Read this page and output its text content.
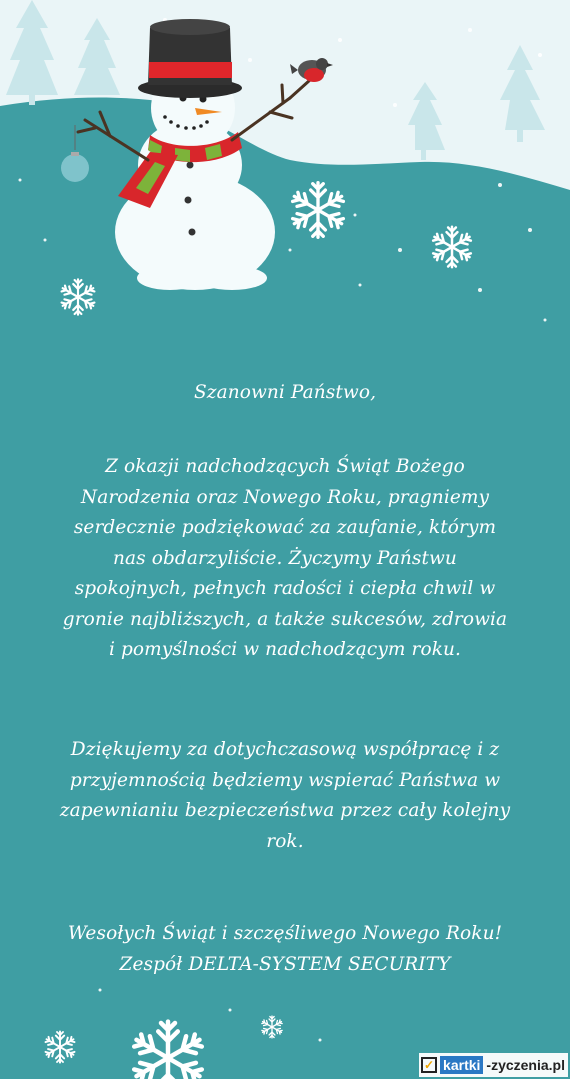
Szanowni Państwo,

Z okazji nadchodzących Świąt Bożego

Narodzenia oraz Nowego Roku, pragniemy

serdecznie podziękować za zaufanie, którym

nas obdarzyliście. Życzymy Państwu

spokojnych, pełnych radości i ciepła chwil w

gronie najbliższych, a także sukcesów, zdrowia

i pomyślności w nadchodzącym roku.

Dziękujemy za dotychczasową współpracę i z

przyjemnością będziemy wspierać Państwa w

zapewnianiu bezpieczeństwa przez cały kolejny

rok.

Wesołych Świąt i szczęśliwego Nowego Roku!

Zespół DELTA-SYSTEM SECURITY

✓ kartki -zyczenia.pl
